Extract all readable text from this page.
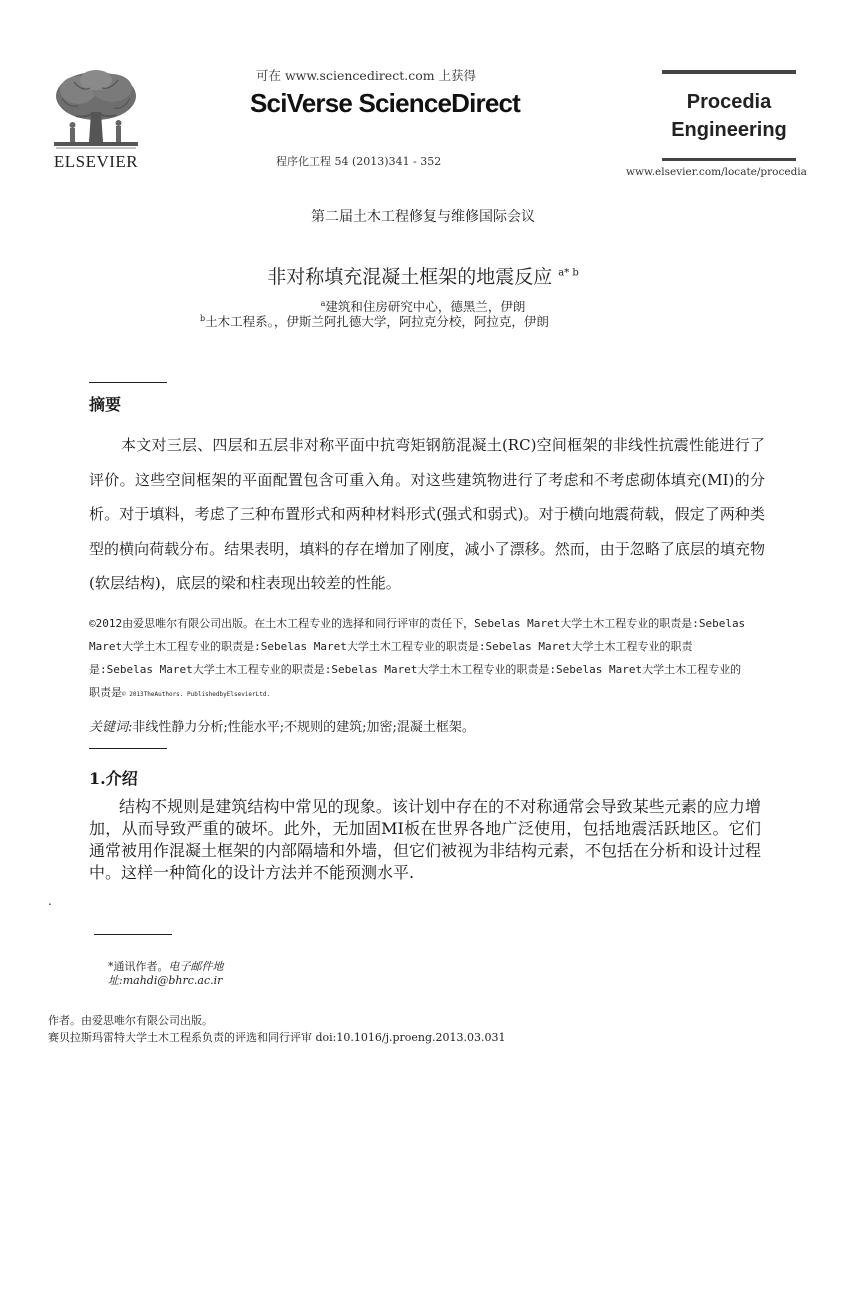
ELSEVIER
可在 www.sciencedirect.com 上获得
SciVerse ScienceDirect
程序化工程 54 (2013)341 - 352
Procedia
Engineering
www.elsevier.com/locate/procedia
第二届土木工程修复与维修国际会议
非对称填充混凝土框架的地震反应 $^{a* b}$
$^a$建筑和住房研究中心，德黑兰，伊朗
$^b$土木工程系。，伊斯兰阿扎德大学，阿拉克分校，阿拉克，伊朗
摘要
本文对三层、四层和五层非对称平面中抗弯矩钢筋混凝土(RC)空间框架的非线性抗震性能进行了评价。这些空间框架的平面配置包含可重入角。对这些建筑物进行了考虑和不考虑砌体填充(MI)的分析。对于填料，考虑了三种布置形式和两种材料形式(强式和弱式)。对于横向地震荷载，假定了两种类型的横向荷载分布。结果表明，填料的存在增加了刚度，减小了漂移。然而，由于忽略了底层的填充物(软层结构)，底层的梁和柱表现出较差的性能。
©2012由爱思唯尔有限公司出版。在土木工程专业的选择和同行评审的责任下，Sebelas Maret大学土木工程专业的职责是:Sebelas Maret大学土木工程专业的职责是:Sebelas Maret大学土木工程专业的职责是:Sebelas Maret大学土木工程专业的职责是:Sebelas Maret大学土木工程专业的职责是:Sebelas Maret大学土木工程专业的职责是:Sebelas Maret大学土木工程专业的职责是© 2013TheAuthors. PublishedbyElsevierLtd.
关键词:非线性静力分析;性能水平;不规则的建筑;加密;混凝土框架。
1.介绍
结构不规则是建筑结构中常见的现象。该计划中存在的不对称通常会导致某些元素的应力增加，从而导致严重的破坏。此外，无加固MI板在世界各地广泛使用，包括地震活跃地区。它们通常被用作混凝土框架的内部隔墙和外墙，但它们被视为非结构元素，不包括在分析和设计过程中。这样一种简化的设计方法并不能预测水平.
.
*通讯作者。电子邮件地
址:mahdi@bhrc.ac.ir
作者。由爱思唯尔有限公司出版。
赛贝拉斯玛雷特大学土木工程系负责的评选和同行评审 doi:10.1016/j.proeng.2013.03.031
